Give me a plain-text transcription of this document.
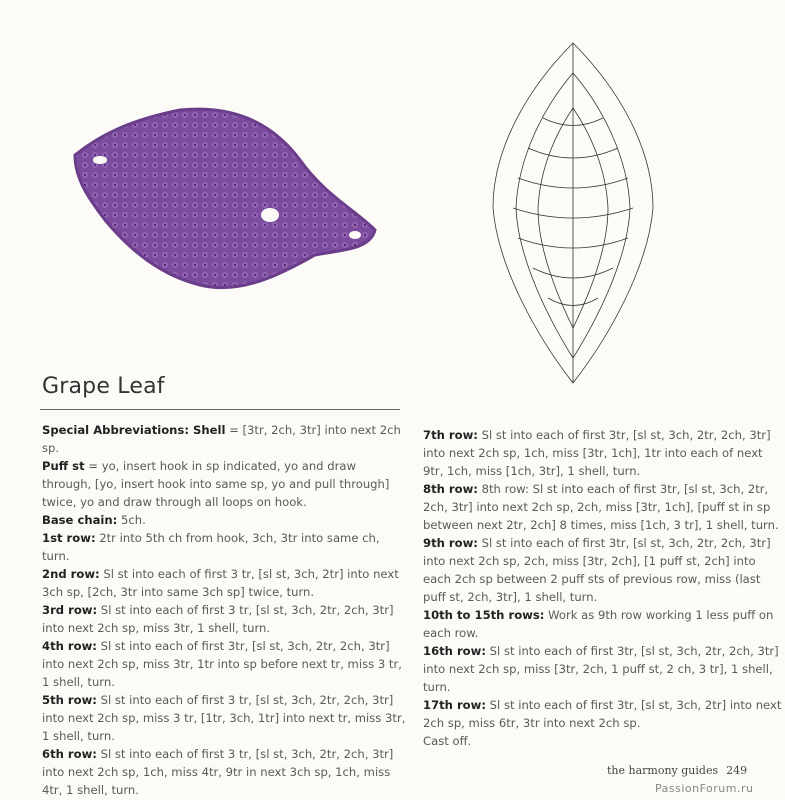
Grape Leaf

Special Abbreviations: Shell = [3tr, 2ch, 3tr] into next 2ch sp.

Puff st = yo, insert hook in sp indicated, yo and draw through, [yo, insert hook into same sp, yo and pull through] twice, yo and draw through all loops on hook.

Base chain: 5ch.

1st row: 2tr into 5th ch from hook, 3ch, 3tr into same ch, turn.

2nd row: Sl st into each of first 3 tr, [sl st, 3ch, 2tr] into next 3ch sp, [2ch, 3tr into same 3ch sp] twice, turn.

3rd row: Sl st into each of first 3 tr, [sl st, 3ch, 2tr, 2ch, 3tr] into next 2ch sp, miss 3tr, 1 shell, turn.

4th row: Sl st into each of first 3tr, [sl st, 3ch, 2tr, 2ch, 3tr] into next 2ch sp, miss 3tr, 1tr into sp before next tr, miss 3 tr, 1 shell, turn.

5th row: Sl st into each of first 3 tr, [sl st, 3ch, 2tr, 2ch, 3tr] into next 2ch sp, miss 3 tr, [1tr, 3ch, 1tr] into next tr, miss 3tr, 1 shell, turn.

6th row: Sl st into each of first 3 tr, [sl st, 3ch, 2tr, 2ch, 3tr] into next 2ch sp, 1ch, miss 4tr, 9tr in next 3ch sp, 1ch, miss 4tr, 1 shell, turn.

7th row: Sl st into each of first 3tr, [sl st, 3ch, 2tr, 2ch, 3tr] into next 2ch sp, 1ch, miss [3tr, 1ch], 1tr into each of next 9tr, 1ch, miss [1ch, 3tr], 1 shell, turn.

8th row: 8th row: Sl st into each of first 3tr, [sl st, 3ch, 2tr, 2ch, 3tr] into next 2ch sp, 2ch, miss [3tr, 1ch], [puff st in sp between next 2tr, 2ch] 8 times, miss [1ch, 3 tr], 1 shell, turn.

9th row: Sl st into each of first 3tr, [sl st, 3ch, 2tr, 2ch, 3tr] into next 2ch sp, 2ch, miss [3tr, 2ch], [1 puff st, 2ch] into each 2ch sp between 2 puff sts of previous row, miss (last puff st, 2ch, 3tr], 1 shell, turn.

10th to 15th rows: Work as 9th row working 1 less puff on each row.

16th row: Sl st into each of first 3tr, [sl st, 3ch, 2tr, 2ch, 3tr] into next 2ch sp, miss [3tr, 2ch, 1 puff st, 2 ch, 3 tr], 1 shell, turn.

17th row: Sl st into each of first 3tr, [sl st, 3ch, 2tr] into next 2ch sp, miss 6tr, 3tr into next 2ch sp.

Cast off.

the harmony guides 249
PassionForum.ru
